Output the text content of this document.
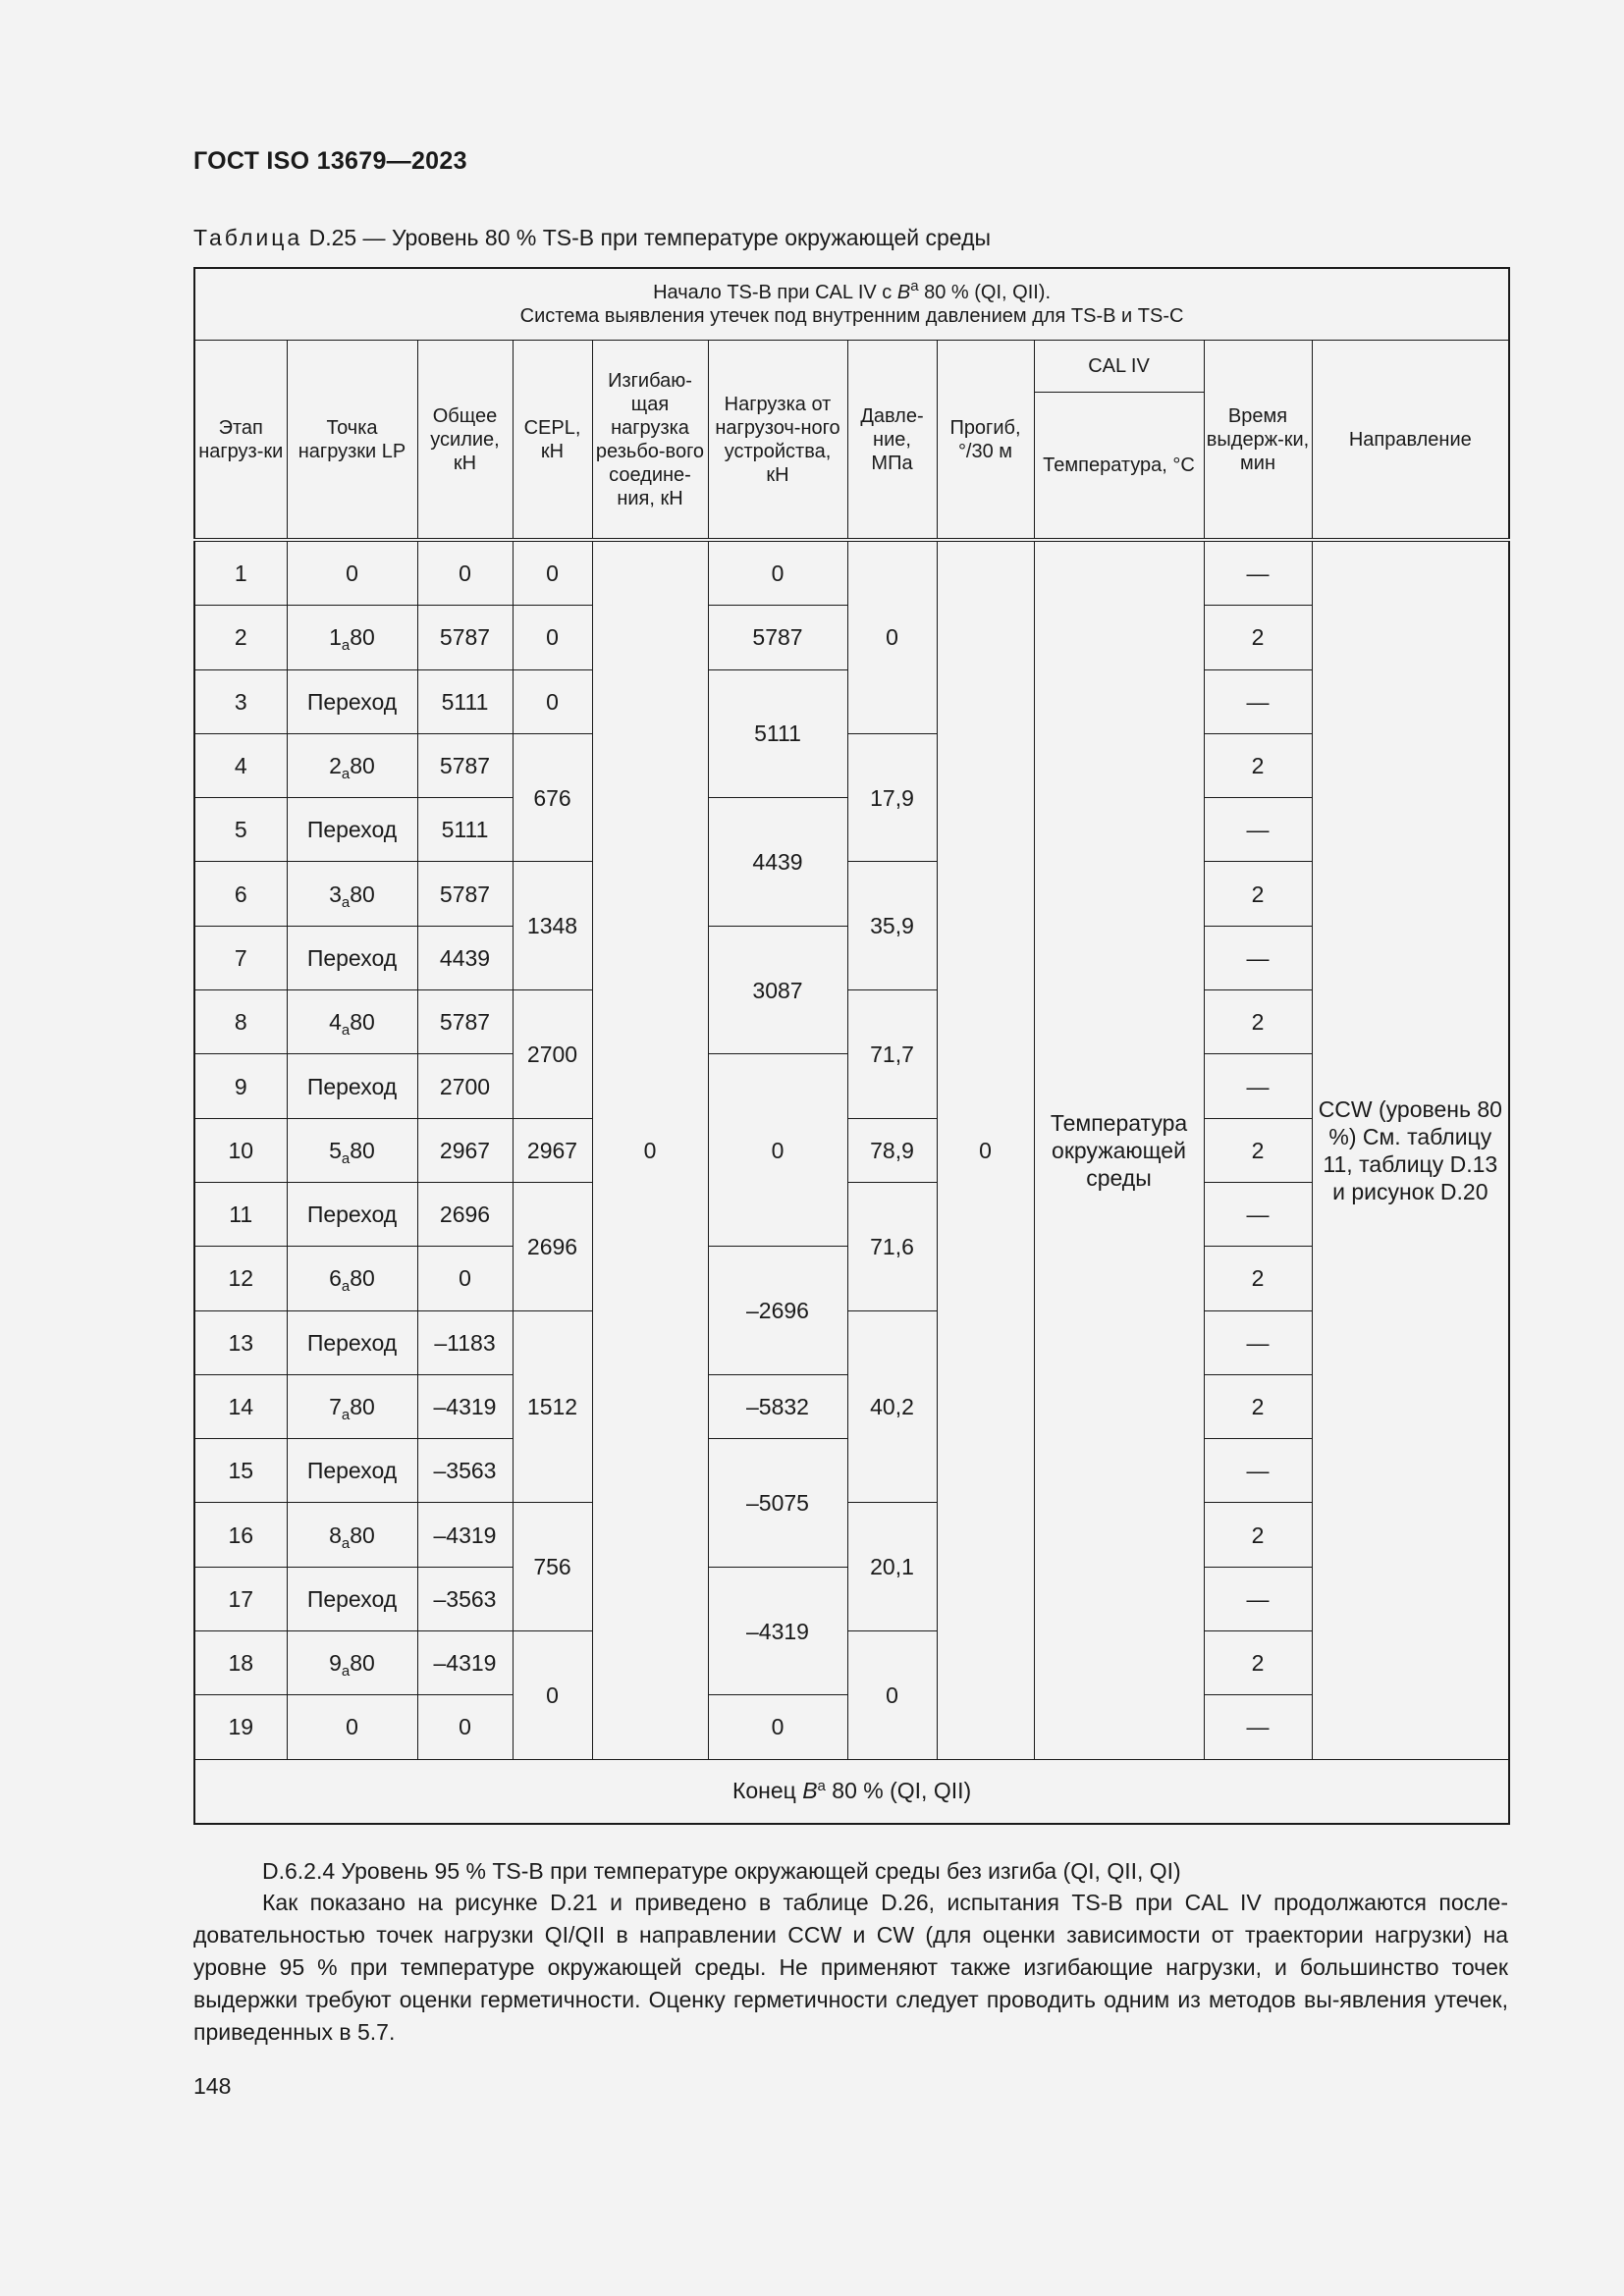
ГОСТ ISO 13679—2023
Таблица D.25 — Уровень 80 % TS-B при температуре окружающей среды
Начало TS-B при CAL IV с $B^a$ 80 % (QI, QII).
Система выявления утечек под внутренним давлением для TS-B и TS-C										
Этап нагруз-ки	Точка нагрузки LP	Общее усилие, кН	CEPL, кН	Изгибаю-щая нагрузка резьбо-вого соедине-ния, кН	Нагрузка от нагрузоч-ного устройства, кН	Давле-ние, МПа	Прогиб, °/30 м	CAL IV	Время выдерж-ки, мин	Направление
								Температура, °С		
1	0	0	0	0	0	0	0	Температура окружающей среды	—	CCW (уровень 80 %) См. таблицу 11, таблицу D.13 и рисунок D.20
2	$1_a80$	5787	0		5787				2	
3	Переход	5111	0		5111				—	
4	$2_a80$	5787	676			17,9			2	
5	Переход	5111			4439				—	
6	$3_a80$	5787	1348			35,9			2	
7	Переход	4439			3087				—	
8	$4_a80$	5787	2700			71,7			2	
9	Переход	2700			0				—	
10	$5_a80$	2967	2967			78,9			2	
11	Переход	2696	2696			71,6			—	
12	$6_a80$	0			–2696				2	
13	Переход	–1183	1512			40,2			—	
14	$7_a80$	–4319			–5832				2	
15	Переход	–3563			–5075				—	
16	$8_a80$	–4319	756			20,1			2	
17	Переход	–3563			–4319				—	
18	$9_a80$	–4319	0			0			2	
19	0	0			0				—	
Конец $B^a$ 80 % (QI, QII)										
D.6.2.4 Уровень 95 % TS-B при температуре окружающей среды без изгиба (QI, QII, QI)
Как показано на рисунке D.21 и приведено в таблице D.26, испытания TS-B при CAL IV продолжаются после-довательностью точек нагрузки QI/QII в направлении CCW и CW (для оценки зависимости от траектории нагрузки) на уровне 95 % при температуре окружающей среды. Не применяют также изгибающие нагрузки, и большинство точек выдержки требуют оценки герметичности. Оценку герметичности следует проводить одним из методов вы-явления утечек, приведенных в 5.7.
148
